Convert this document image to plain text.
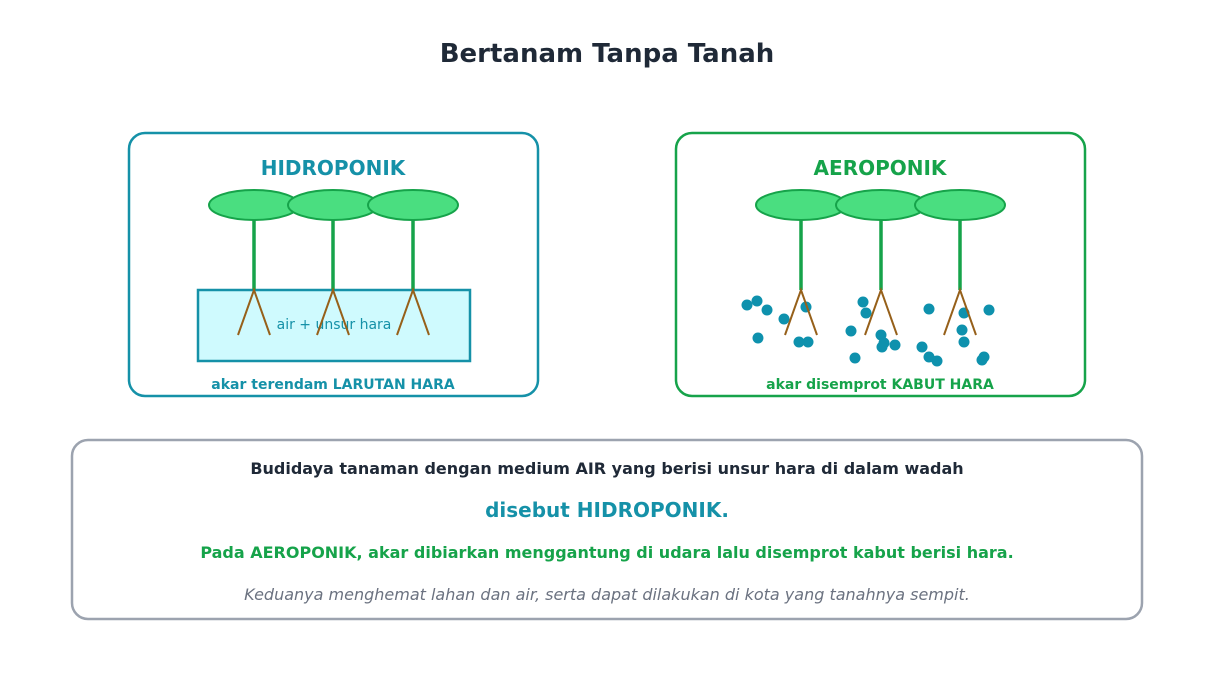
Bertanam Tanpa Tanah
HIDROPONIK
air + unsur hara
akar terendam LARUTAN HARA
AEROPONIK
akar disemprot KABUT HARA
Budidaya tanaman dengan medium AIR yang berisi unsur hara di dalam wadah
disebut HIDROPONIK.
Pada AEROPONIK, akar dibiarkan menggantung di udara lalu disemprot kabut berisi hara.
Keduanya menghemat lahan dan air, serta dapat dilakukan di kota yang tanahnya sempit.
